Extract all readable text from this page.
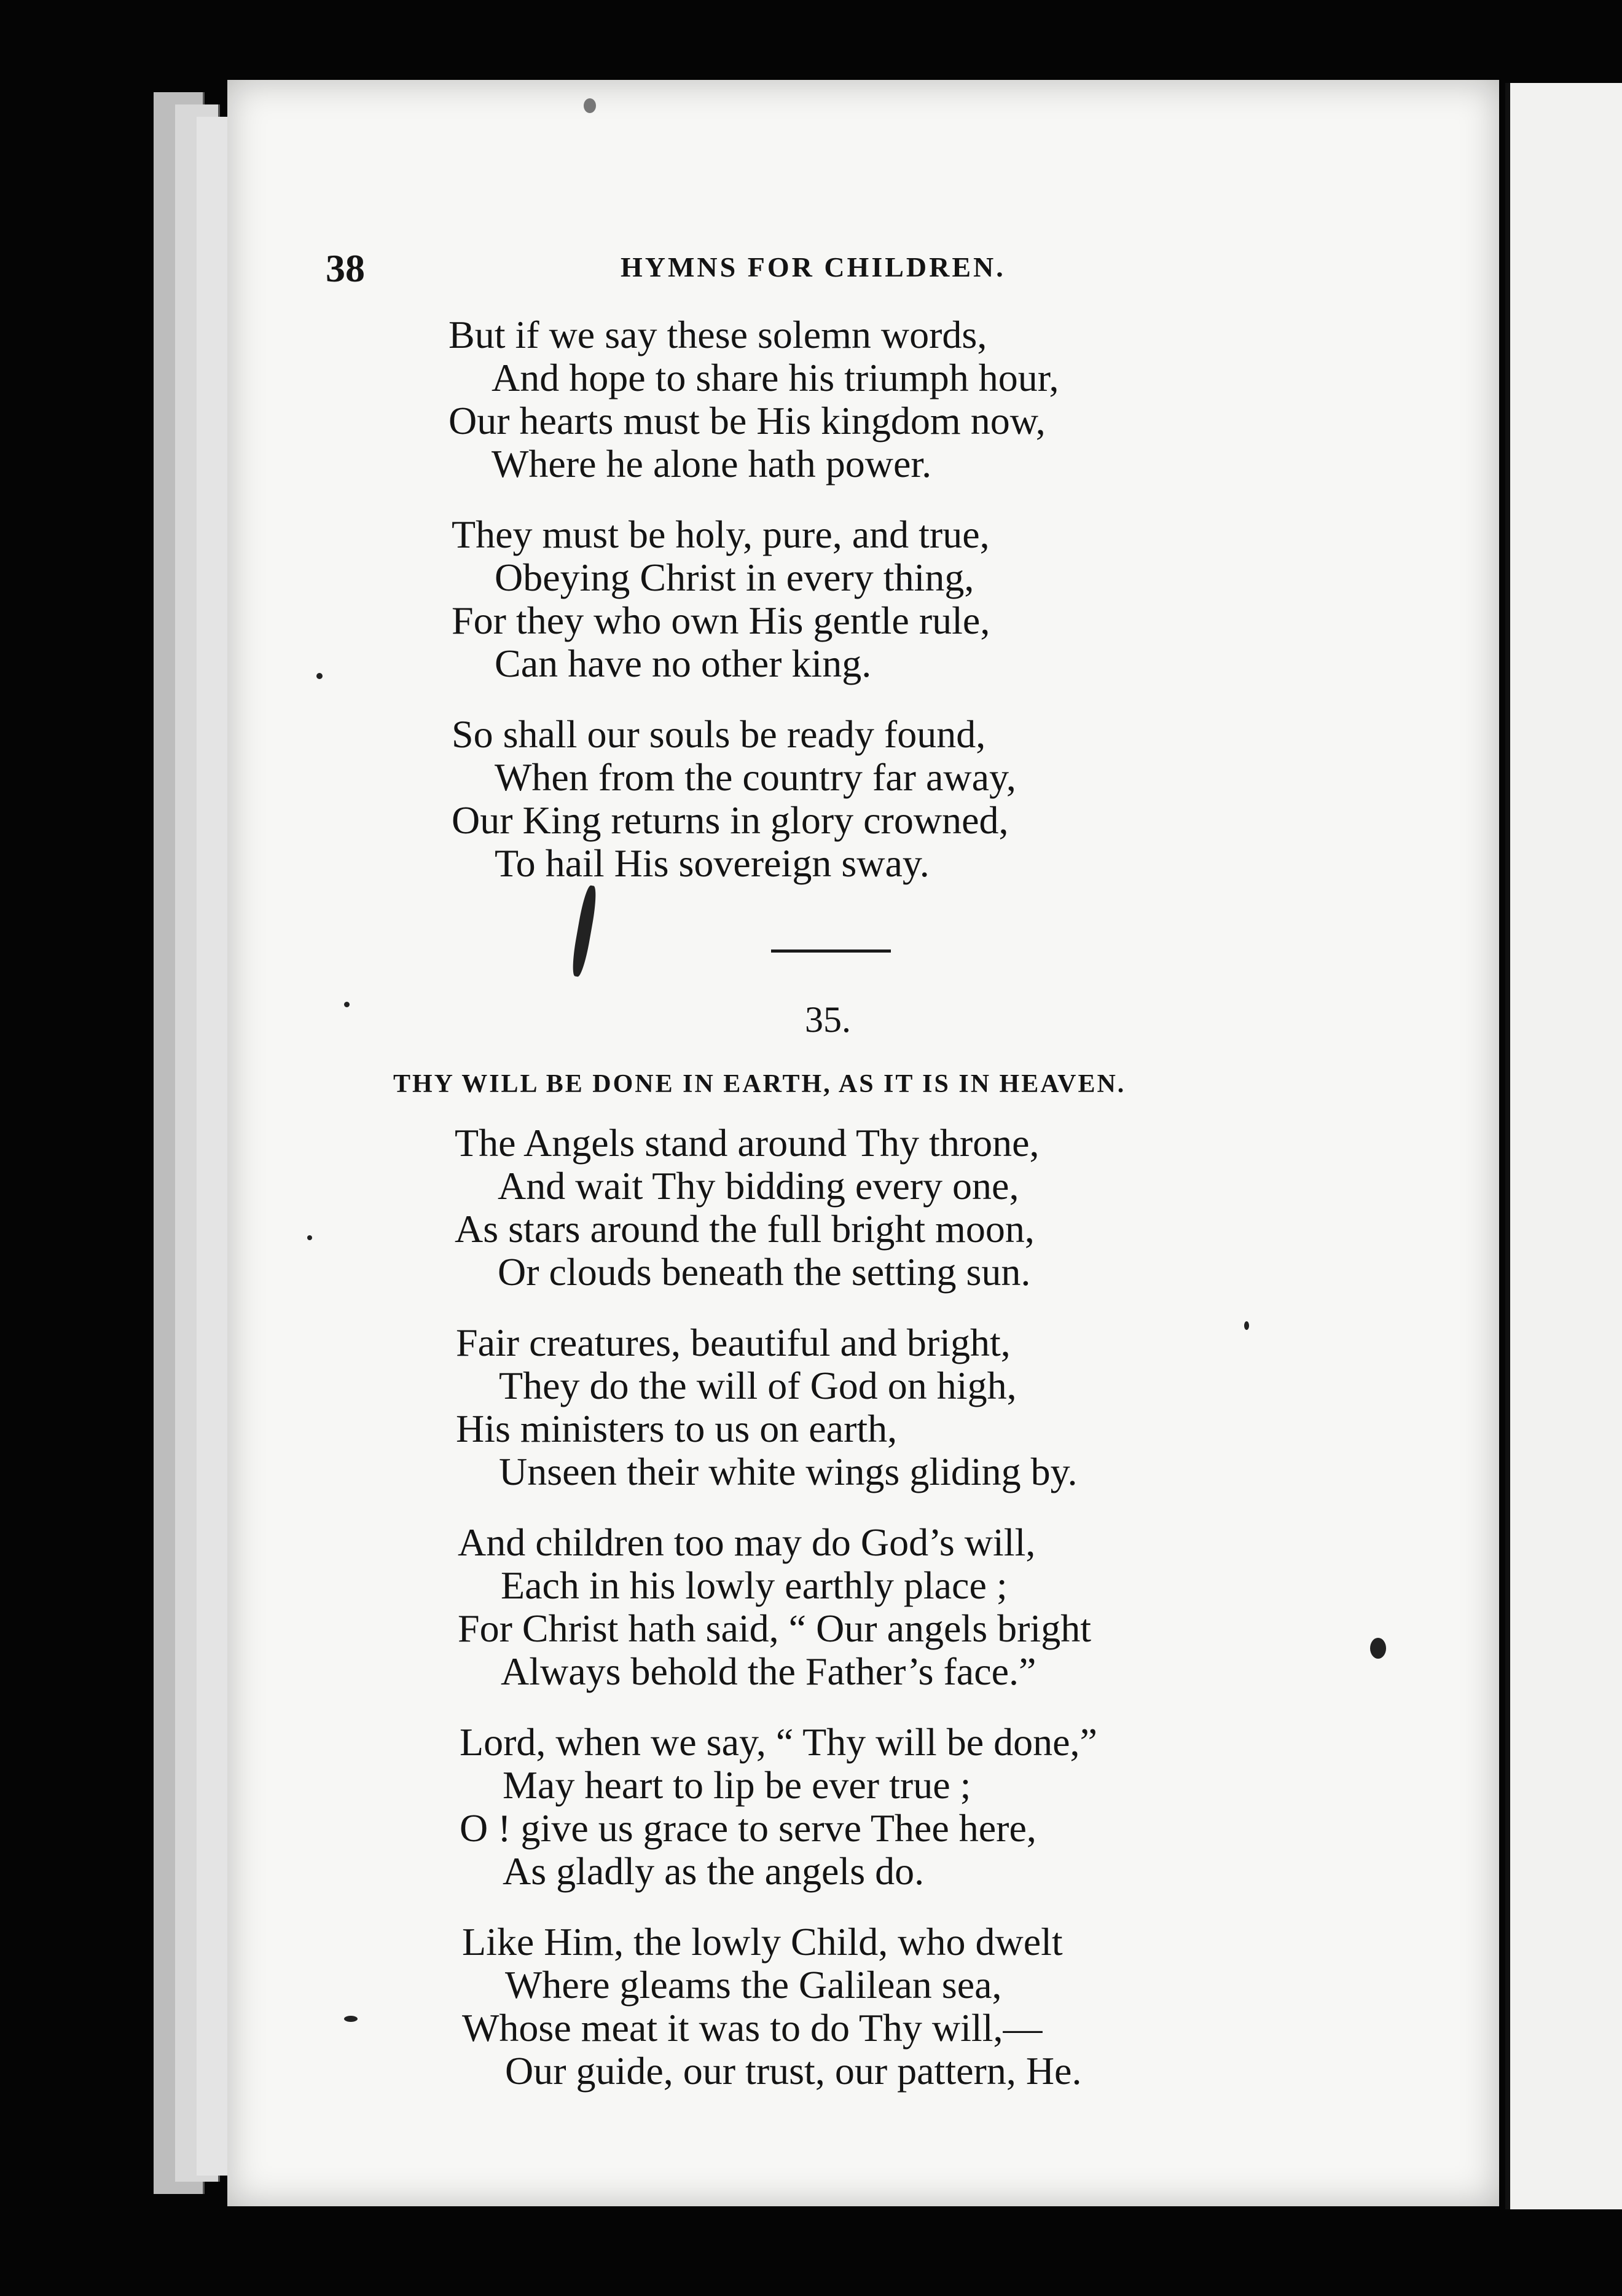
38	HYMNS FOR CHILDREN.

But if we say these solemn words,

And hope to share his triumph hour,

Our hearts must be His kingdom now,

Where he alone hath power.

They must be holy, pure, and true,

Obeying Christ in every thing,

For they who own His gentle rule,

Can have no other king.

So shall our souls be ready found,

When from the country far away,

Our King returns in glory crowned,

To hail His sovereign sway.

35.

THY WILL BE DONE IN EARTH, AS IT IS IN HEAVEN.

The Angels stand around Thy throne,

And wait Thy bidding every one,

As stars around the full bright moon,

Or clouds beneath the setting sun.

Fair creatures, beautiful and bright,

They do the will of God on high,

His ministers to us on earth,

Unseen their white wings gliding by.

And children too may do God’s will,

Each in his lowly earthly place ;

For Christ hath said, “ Our angels bright

Always behold the Father’s face.”

Lord, when we say, “ Thy will be done,”

May heart to lip be ever true ;

O ! give us grace to serve Thee here,

As gladly as the angels do.

Like Him, the lowly Child, who dwelt

Where gleams the Galilean sea,

Whose meat it was to do Thy will,—

Our guide, our trust, our pattern, He.
